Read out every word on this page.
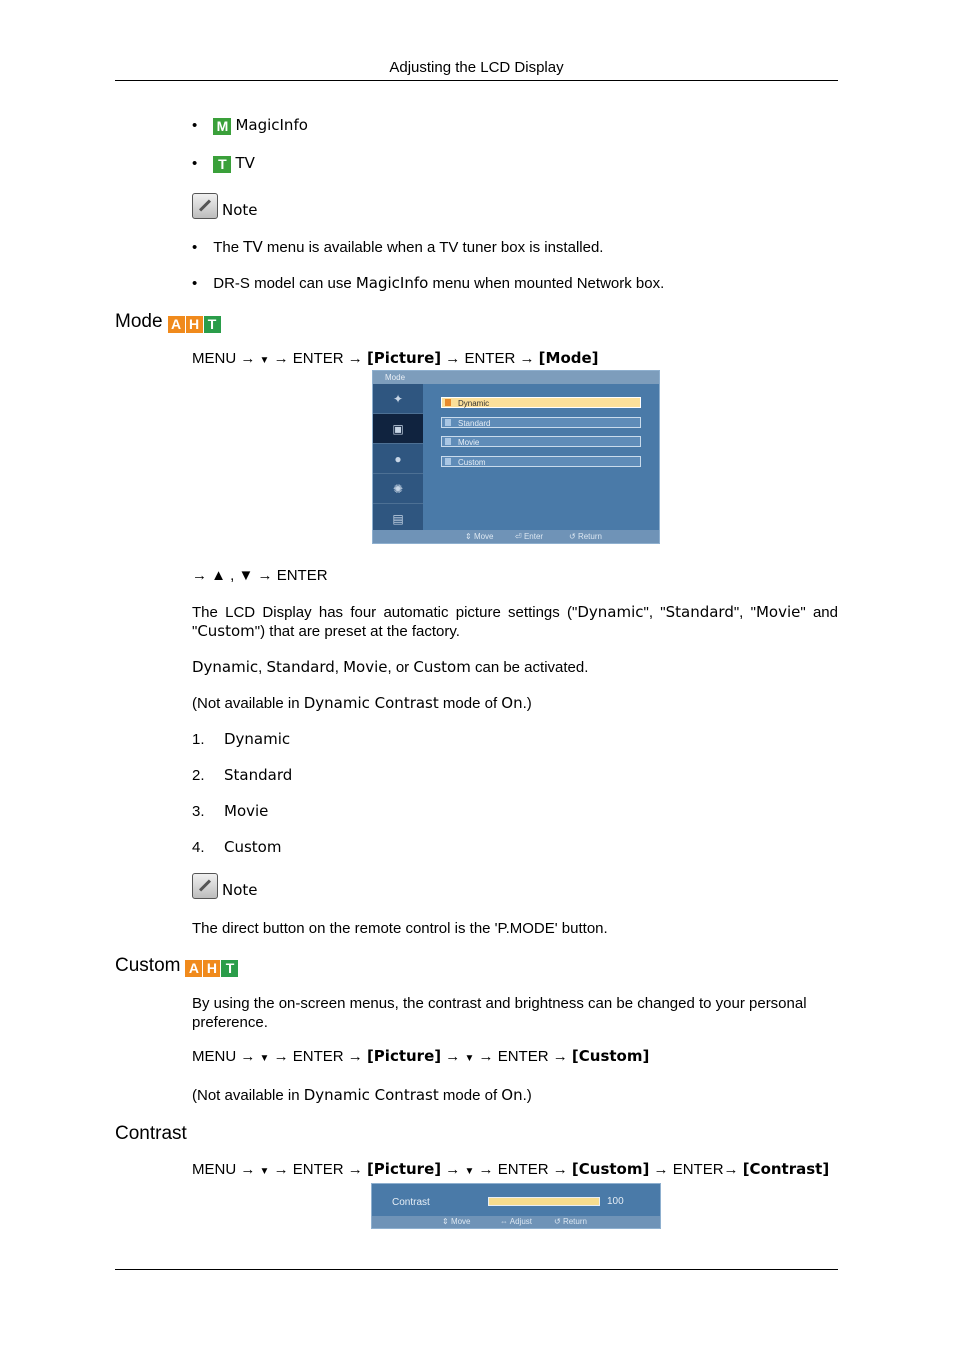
Adjusting the LCD Display
• M MagicInfo
• T TV
Note
• The TV menu is available when a TV tuner box is installed.
• DR-S model can use MagicInfo menu when mounted Network box.
Mode A H T
MENU → ▼ → ENTER → [Picture] → ENTER → [Mode]
Mode
✦
▣
●
✺
▤
Dynamic
Standard
Movie
Custom
⇕ Move	⏎ Enter	↺ Return
→ ▲ , ▼ → ENTER
The LCD Display has four automatic picture settings ("Dynamic", "Standard", "Movie" and "Custom") that are preset at the factory.
Dynamic, Standard, Movie, or Custom can be activated.
(Not available in Dynamic Contrast mode of On.)
1. Dynamic
2. Standard
3. Movie
4. Custom
Note
The direct button on the remote control is the 'P.MODE' button.
Custom A H T
By using the on-screen menus, the contrast and brightness can be changed to your personal preference.
MENU → ▼ → ENTER → [Picture] → ▼ → ENTER → [Custom]
(Not available in Dynamic Contrast mode of On.)
Contrast
MENU → ▼ → ENTER → [Picture] → ▼ → ENTER → [Custom] → ENTER→ [Contrast]
Contrast	100
⇕ Move	⇔ Adjust	↺ Return
